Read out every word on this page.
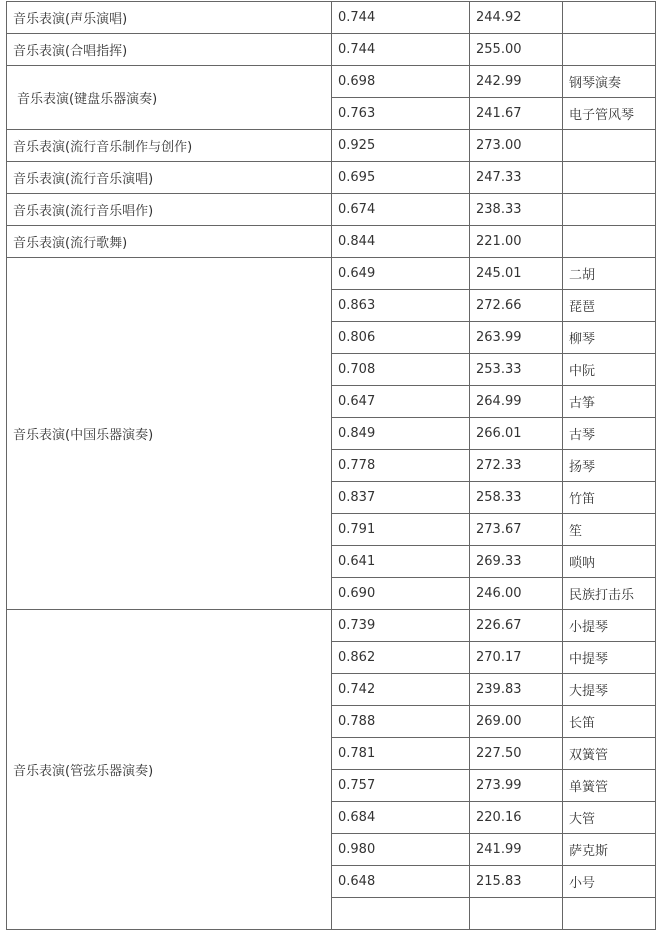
音乐表演(声乐演唱)	0.744	244.92	
音乐表演(合唱指挥)	0.744	255.00	
音乐表演(键盘乐器演奏)	0.698	242.99	钢琴演奏
	0.763	241.67	电子管风琴
音乐表演(流行音乐制作与创作)	0.925	273.00	
音乐表演(流行音乐演唱)	0.695	247.33	
音乐表演(流行音乐唱作)	0.674	238.33	
音乐表演(流行歌舞)	0.844	221.00	
音乐表演(中国乐器演奏)	0.649	245.01	二胡
	0.863	272.66	琵琶
	0.806	263.99	柳琴
	0.708	253.33	中阮
	0.647	264.99	古筝
	0.849	266.01	古琴
	0.778	272.33	扬琴
	0.837	258.33	竹笛
	0.791	273.67	笙
	0.641	269.33	唢呐
	0.690	246.00	民族打击乐
音乐表演(管弦乐器演奏)	0.739	226.67	小提琴
	0.862	270.17	中提琴
	0.742	239.83	大提琴
	0.788	269.00	长笛
	0.781	227.50	双簧管
	0.757	273.99	单簧管
	0.684	220.16	大管
	0.980	241.99	萨克斯
	0.648	215.83	小号
